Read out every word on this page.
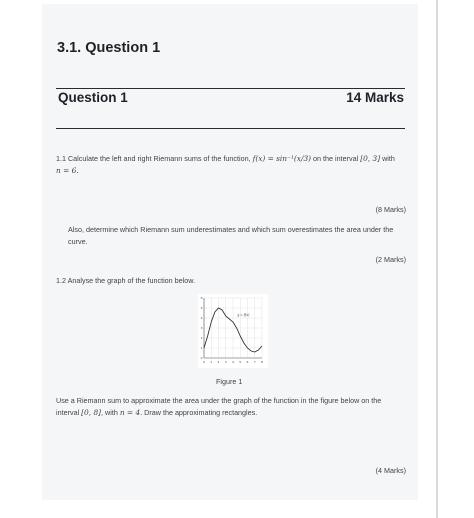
3.1. Question 1
Question 1	14 Marks
1.1 Calculate the left and right Riemann sums of the function, f(x) = sin⁻¹(x/3) on the interval [0, 3] with
n = 6.
(8 Marks)
Also, determine which Riemann sum underestimates and which sum overestimates the area under the curve.
(2 Marks)
1.2 Analyse the graph of the function below.
0 1 2 3 4 5 6 7 8
0
1
2
3
4
5
6
y = f(x)
Figure 1
Use a Riemann sum to approximate the area under the graph of the function in the figure below on the interval [0, 8], with n = 4. Draw the approximating rectangles.
(4 Marks)
